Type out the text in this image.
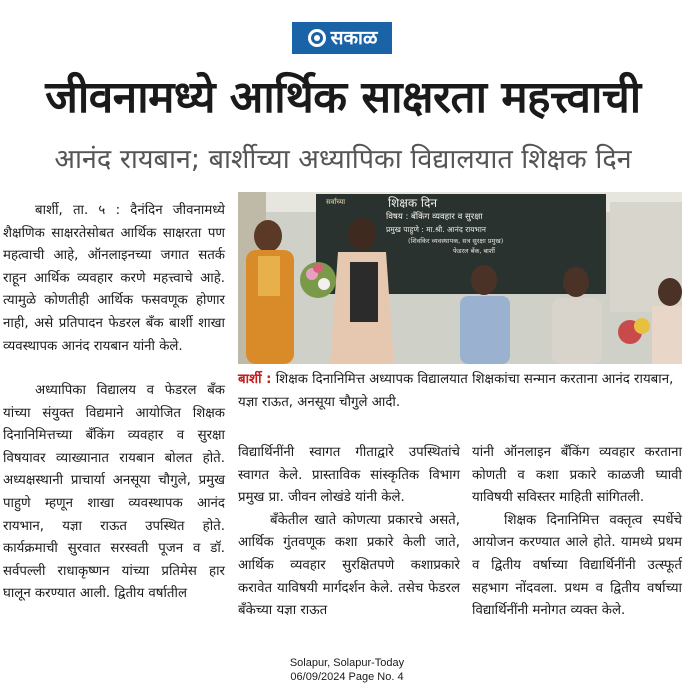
सकाळ
जीवनामध्ये आर्थिक साक्षरता महत्त्वाची
आनंद रायबान; बार्शीच्या अध्यापिका विद्यालयात शिक्षक दिन

बार्शी, ता. ५ : दैनंदिन जीवनामध्ये शैक्षणिक साक्षरतेसोबत आर्थिक साक्षरता पण महत्वाची आहे, ऑनलाइनच्या जगात सतर्क राहून आर्थिक व्यवहार करणे महत्त्वाचे आहे. त्यामुळे कोणतीही आर्थिक फसवणूक होणार नाही, असे प्रतिपादन फेडरल बँक बार्शी शाखा व्यवस्थापक आनंद रायबान यांनी केले.

अध्यापिका विद्यालय व फेडरल बँक यांच्या संयुक्त विद्यमाने आयोजित शिक्षक दिनानिमित्तच्या बँकिंग व्यवहार व सुरक्षा विषयावर व्याख्यानात रायबान बोलत होते. अध्यक्षस्थानी प्राचार्या अनसूया चौगुले, प्रमुख पाहुणे म्हणून शाखा व्यवस्थापक आनंद रायभान, यज्ञा राऊत उपस्थित होते. कार्यक्रमाची सुरवात सरस्वती पूजन व डॉ. सर्वपल्ली राधाकृष्णन यांच्या प्रतिमेस हार घालून करण्यात आली. द्वितीय वर्षातील

विद्यार्थिनींनी स्वागत गीताद्वारे उपस्थितांचे स्वागत केले. प्रास्ताविक सांस्कृतिक विभाग प्रमुख प्रा. जीवन लोखंडे यांनी केले.

बँकेतील खाते कोणत्या प्रकारचे असते, आर्थिक गुंतवणूक कशा प्रकारे केली जाते, आर्थिक व्यवहार सुरक्षितपणे कशाप्रकारे करावेत याविषयी मार्गदर्शन केले. तसेच फेडरल बँकेच्या यज्ञा राऊत

यांनी ऑनलाइन बँकिंग व्यवहार करताना कोणती व कशा प्रकारे काळजी घ्यावी याविषयी सविस्तर माहिती सांगितली.

शिक्षक दिनानिमित्त वक्तृत्व स्पर्धेचे आयोजन करण्यात आले होते. यामध्ये प्रथम व द्वितीय वर्षाच्या विद्यार्थिनींनी उत्स्फूर्त सहभाग नोंदवला. प्रथम व द्वितीय वर्षाच्या विद्यार्थिनींनी मनोगत व्यक्त केले.

शिक्षक दिन
सर्वांच्या
विषय : बँकिंग व्यवहार व सुरक्षा
प्रमुख पाहुणे : मा.श्री. आनंद रायभान
(शिवकिर व्यवस्थापक, सत्र सुरक्षा प्रमुख)
फेडरल बँक, बार्शी
बार्शी : शिक्षक दिनानिमित्त अध्यापक विद्यालयात शिक्षकांचा सन्मान करताना आनंद रायबान, यज्ञा राऊत, अनसूया चौगुले आदी.
Solapur, Solapur-Today
06/09/2024 Page No. 4
